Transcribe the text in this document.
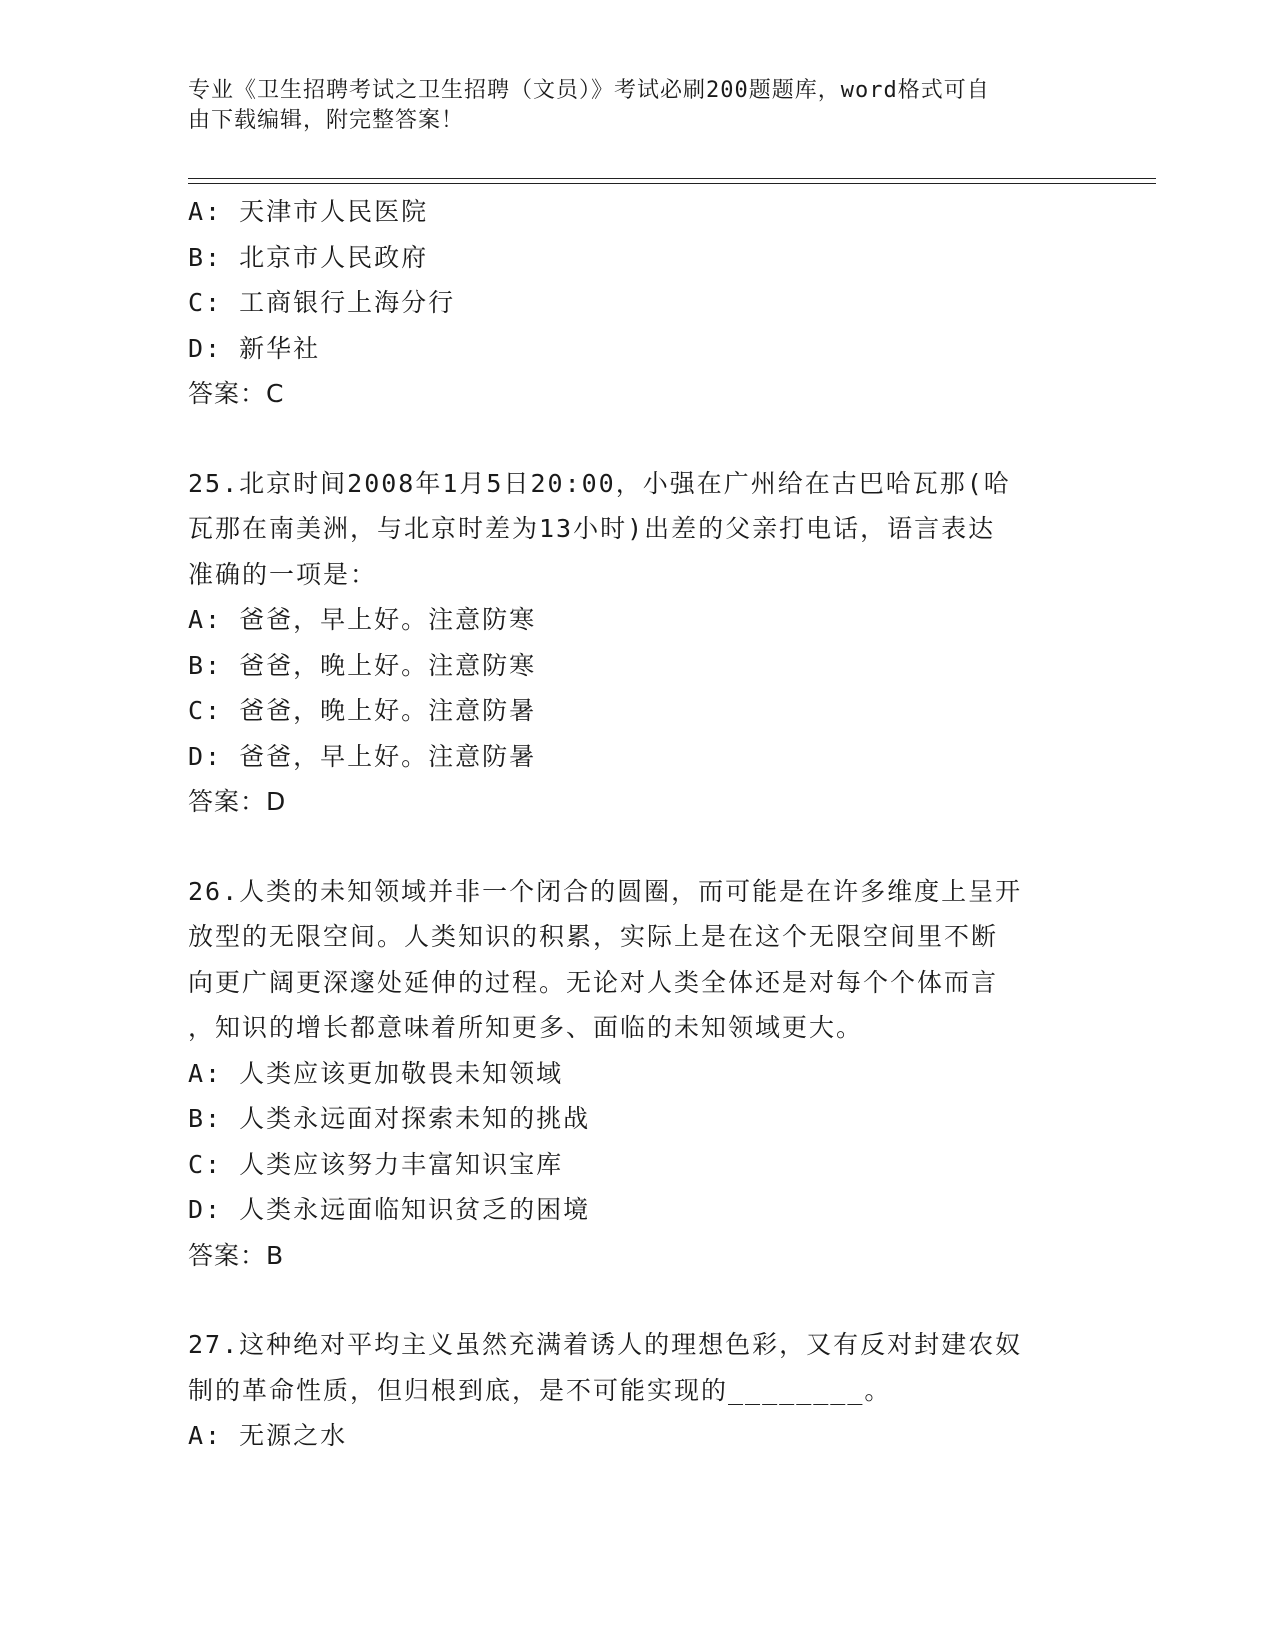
专业《卫生招聘考试之卫生招聘（文员）》考试必刷200题题库，word格式可自
由下载编辑，附完整答案！
A: 天津市人民医院
B: 北京市人民政府
C: 工商银行上海分行
D: 新华社
答案：C
25.北京时间2008年1月5日20:00，小强在广州给在古巴哈瓦那(哈
瓦那在南美洲，与北京时差为13小时)出差的父亲打电话，语言表达
准确的一项是：
A: 爸爸，早上好。注意防寒
B: 爸爸，晚上好。注意防寒
C: 爸爸，晚上好。注意防暑
D: 爸爸，早上好。注意防暑
答案：D
26.人类的未知领域并非一个闭合的圆圈，而可能是在许多维度上呈开
放型的无限空间。人类知识的积累，实际上是在这个无限空间里不断
向更广阔更深邃处延伸的过程。无论对人类全体还是对每个个体而言
，知识的增长都意味着所知更多、面临的未知领域更大。
A: 人类应该更加敬畏未知领域
B: 人类永远面对探索未知的挑战
C: 人类应该努力丰富知识宝库
D: 人类永远面临知识贫乏的困境
答案：B
27.这种绝对平均主义虽然充满着诱人的理想色彩，又有反对封建农奴
制的革命性质，但归根到底，是不可能实现的________。
A: 无源之水
